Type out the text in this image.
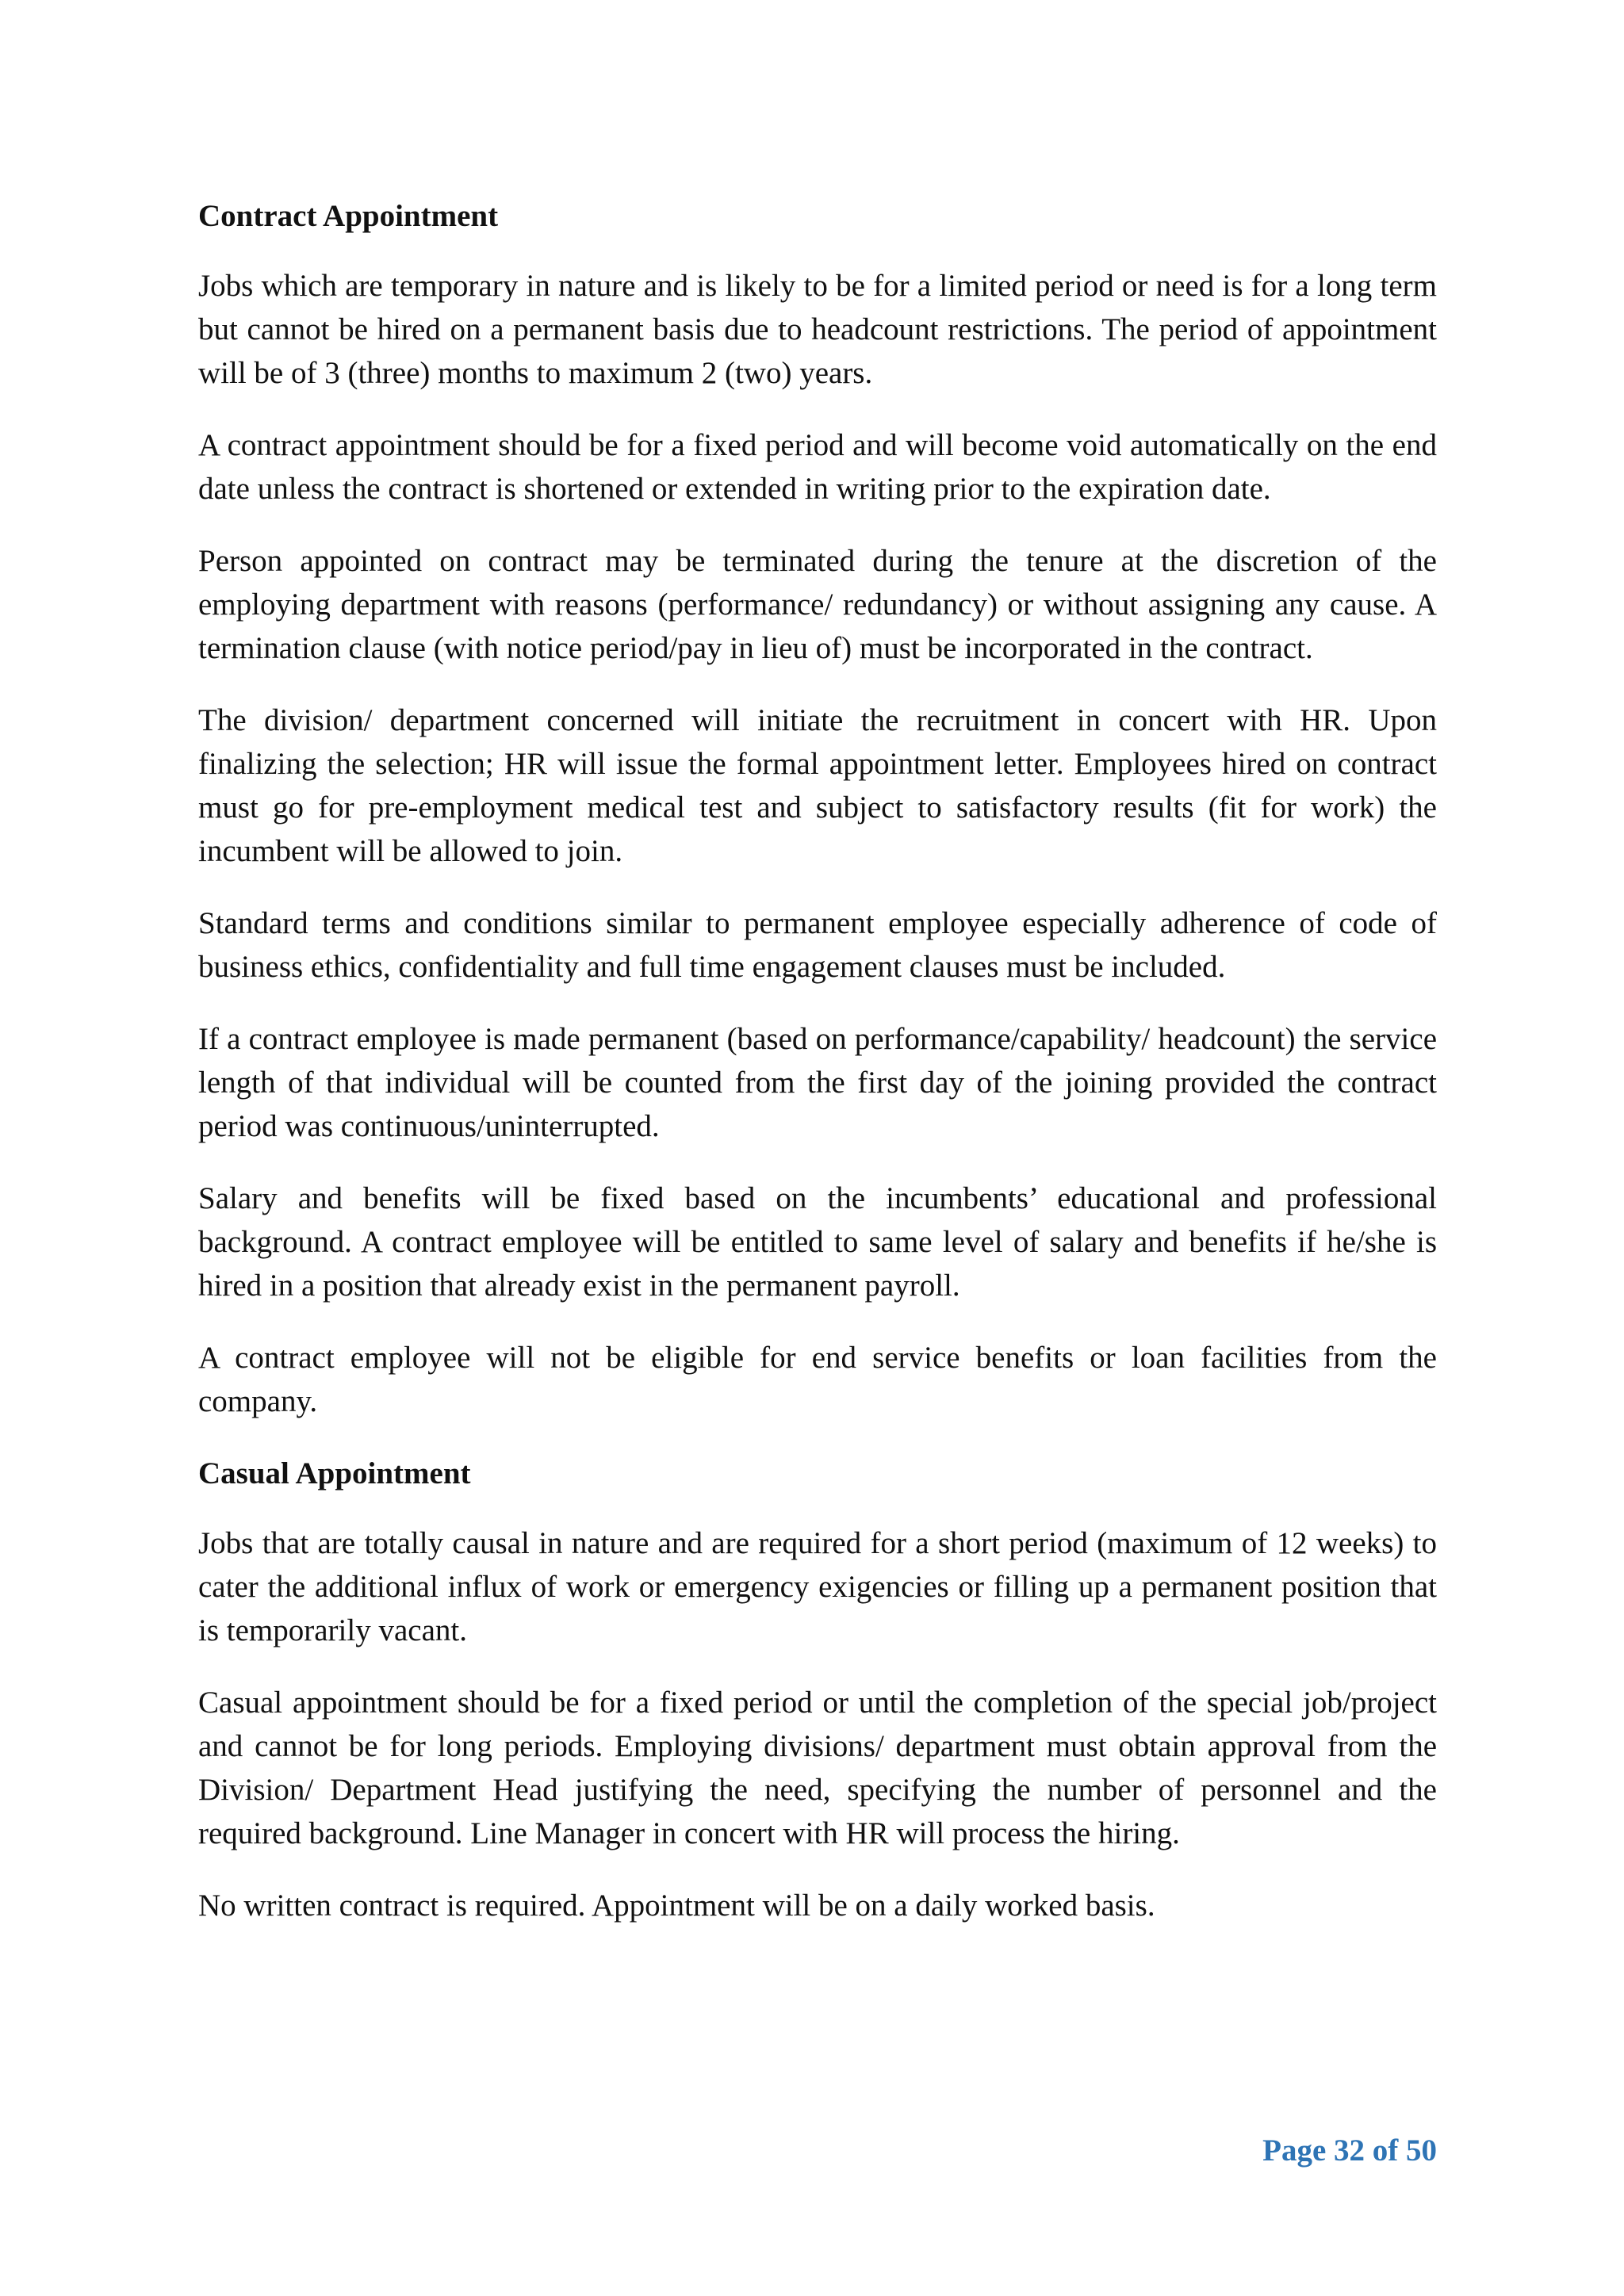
Contract Appointment

Jobs which are temporary in nature and is likely to be for a limited period or need is for a long term but cannot be hired on a permanent basis due to headcount restrictions. The period of appointment will be of 3 (three) months to maximum 2 (two) years.

A contract appointment should be for a fixed period and will become void automatically on the end date unless the contract is shortened or extended in writing prior to the expiration date.

Person appointed on contract may be terminated during the tenure at the discretion of the employing department with reasons (performance/ redundancy) or without assigning any cause. A termination clause (with notice period/pay in lieu of) must be incorporated in the contract.

The division/ department concerned will initiate the recruitment in concert with HR. Upon finalizing the selection; HR will issue the formal appointment letter. Employees hired on contract must go for pre-employment medical test and subject to satisfactory results (fit for work) the incumbent will be allowed to join.

Standard terms and conditions similar to permanent employee especially adherence of code of business ethics, confidentiality and full time engagement clauses must be included.

If a contract employee is made permanent (based on performance/capability/ headcount) the service length of that individual will be counted from the first day of the joining provided the contract period was continuous/uninterrupted.

Salary and benefits will be fixed based on the incumbents’ educational and professional background. A contract employee will be entitled to same level of salary and benefits if he/she is hired in a position that already exist in the permanent payroll.

A contract employee will not be eligible for end service benefits or loan facilities from the company.

Casual Appointment

Jobs that are totally causal in nature and are required for a short period (maximum of 12 weeks) to cater the additional influx of work or emergency exigencies or filling up a permanent position that is temporarily vacant.

Casual appointment should be for a fixed period or until the completion of the special job/project and cannot be for long periods. Employing divisions/ department must obtain approval from the Division/ Department Head justifying the need, specifying the number of personnel and the required background. Line Manager in concert with HR will process the hiring.

No written contract is required. Appointment will be on a daily worked basis.

Page 32 of 50
